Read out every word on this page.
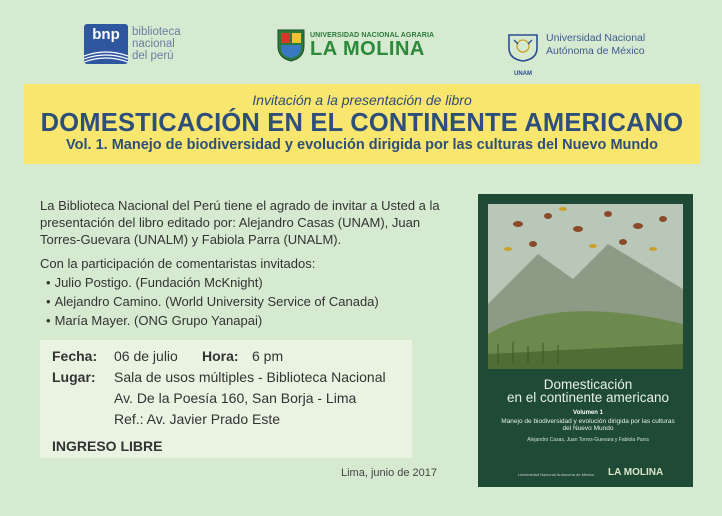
bnp	biblioteca
nacional
del perú
UNIVERSIDAD NACIONAL AGRARIA
LA MOLINA
UNAM
Universidad Nacional
Autónoma de México
Invitación a la presentación de libro
DOMESTICACIÓN EN EL CONTINENTE AMERICANO
Vol. 1. Manejo de biodiversidad y evolución dirigida por las culturas del Nuevo Mundo
La Biblioteca Nacional del Perú tiene el agrado de invitar a Usted a la presentación del libro editado por: Alejandro Casas (UNAM), Juan Torres-Guevara (UNALM) y Fabiola Parra (UNALM).
Con la participación de comentaristas invitados:
• Julio Postigo. (Fundación McKnight)
• Alejandro Camino. (World University Service of Canada)
• María Mayer. (ONG Grupo Yanapai)
Fecha:	06 de julio	Hora: 6 pm
Lugar:	Sala de usos múltiples - Biblioteca Nacional
Av. De la Poesía 160, San Borja - Lima
Ref.: Av. Javier Prado Este
INGRESO LIBRE
Lima, junio de 2017
Domesticación
en el continente americano
Volumen 1
Manejo de biodiversidad y evolución dirigida por las culturas del Nuevo Mundo
Alejandro Casas, Juan Torres-Guevara y Fabiola Parra
Universidad Nacional Autónoma de México LA MOLINA
